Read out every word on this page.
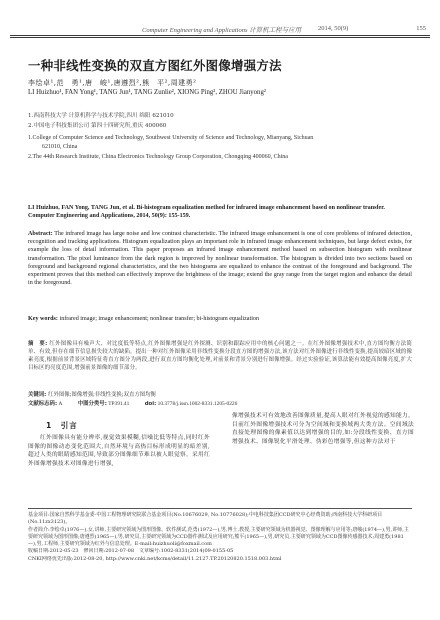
Computer Engineering and Applications 计算机工程与应用	2014, 50(9)	155
一种非线性变换的双直方图红外图像增强方法
李绘卓¹,范　勇¹,唐　峻¹,唐遵烈²,熊　平²,周建勇²
LI Huizhuo¹, FAN Yong¹, TANG Jun¹, TANG Zunlie², XIONG Ping², ZHOU Jianyong²
1.西南科技大学 计算机科学与技术学院,四川 绵阳 621010
2.中国电子科技集团公司 第四十四研究所,重庆 400060
1.College of Computer Science and Technology, Southwest University of Science and Technology, Mianyang, Sichuan
621010, China
2.The 44th Research Institute, China Electronics Technology Group Corporation, Chongqing 400060, China
LI Huizhuo, FAN Yong, TANG Jun, et al. Bi-histogram equalization method for infrared image enhancement based on nonlinear transfer. Computer Engineering and Applications, 2014, 50(9): 155-159.
Abstract: The infrared image has large noise and low contrast characteristic. The infrared image enhancement is one of core problems of infrared detection, recognition and tracking applications. Histogram equalization plays an important role in infrared image enhancement techniques, but large defect exists, for example the loss of detail information. This paper proposes an infrared image enhancement method based on subsection histogram with nonlinear transformation. The pixel luminance from the dark region is improved by nonlinear transformation. The histogram is divided into two sections based on foreground and background regional characteristics, and the two histograms are equalized to enhance the contrast of the foreground and background. The experiment proves that this method can effectively improve the brightness of the image; extend the gray range from the target region and enhance the detail in the foreground.
Key words: infrared image; image enhancement; nonlinear transfer; bi-histogram equalization
摘　要: 红外图像具有噪声大、对比度低等特点,红外图像增强是红外探测、识别和跟踪应用中的核心问题之一。在红外图像增强技术中,直方图均衡方法简单、有效,但存在细节信息损失较大的缺陷。提出一种对红外图像采用非线性变换分段直方图的增强方法,该方法对红外图像进行非线性变换,提高较暗区域的像素亮度,根据前景背景区域特征将直方图分为两段,进行双直方图均衡化处理,对前景和背景分别进行图像增强。经过实验验证,该算法能有效提高图像亮度,扩大目标区的亮度范围,增强前景图像的细节部分。
关键词: 红外图像;图像增强;非线性变换;双直方图均衡
文献标志码: A	中图分类号: TP391.41	doi: 10.3778/j.issn.1002-8331.1205-0226
1　引言
红外图像具有能分辨率,视觉效果模糊,信噪比低等特点,同时红外图像的图像动态变化范围大,自然环境与高热目标形成明显的暗差别,超过人类的眼睛感知范围,导致部分图像细节难以被人眼觉察。采用红外图像增强技术对图像进行增强,
像增强技术可有效地改善图像质量,提高人眼对红外视觉的感知能力。目前红外图像增强技术可分为空间域和变换域两大类方法。空间域法直接处理图像的像素值以达到增强的目的,如:分段线性变换、直方图增强技术、图像锐化平滑处理、伪彩色增强等,但这种方法对于
基金项目:国家自然科学基金委-中国工程物理研究院联合基金项目(No.10676029, No.10776028);中电科技集团CCD研究中心经费资助;西南科技大学科研项目(No.11zx3123)。
作者简介:李绘卓(1976—),女,讲师,主要研究领域为图形图像、软件测试,范勇(1972—),男,博士,教授,主要研究领域为机器视觉、图像理解与应用等;唐峻(1974—),男,讲师,主要研究领域为图形图像;唐遵烈(1965—),男,研究员,主要研究领域为CCD器件测试及应用研究;熊平(1965—),男,研究员,主要研究领域为CCD图像传感器技术;周建勇(1981—),男,工程师,主要研究领域为红外与信息处理。E-mail:huizhuoli@foxmail.com
收稿日期:2012-05-23　修回日期:2012-07-08　文章编号:1002-8331(2014)09-0155-05
CNKI网络优先出版:2012-08-20, http://www.cnki.net/kcms/detail/11.2127.TP.20120820.1518.003.html
